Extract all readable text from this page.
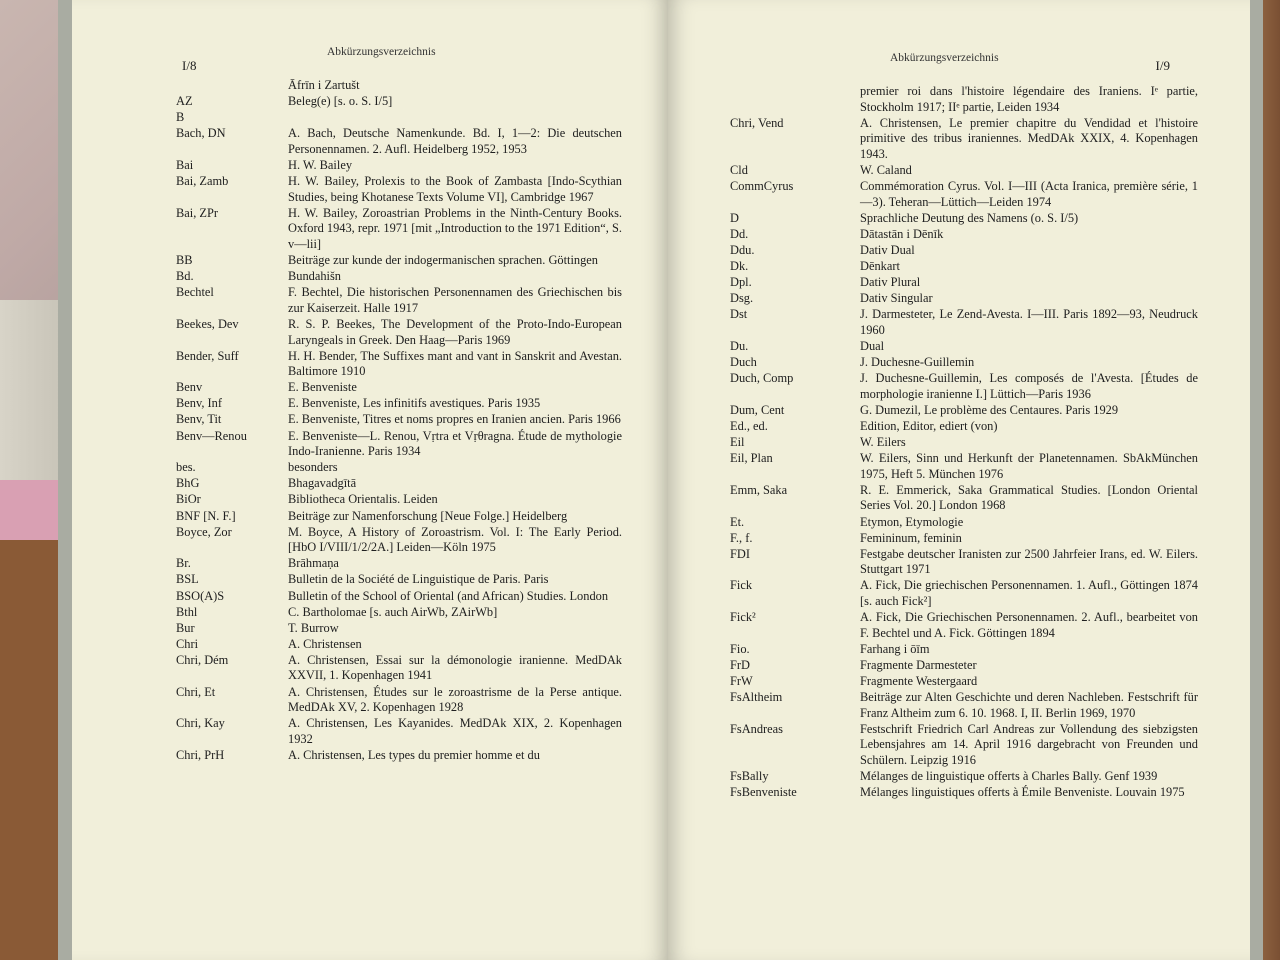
I/8
Abkürzungsverzeichnis
Āfrīn i Zartušt
AZ	Beleg(e) [s. o. S. I/5]
B
Bach, DN	A. Bach, Deutsche Namenkunde. Bd. I, 1—2: Die deutschen Personennamen. 2. Aufl. Heidelberg 1952, 1953
Bai	H. W. Bailey
Bai, Zamb	H. W. Bailey, Prolexis to the Book of Zambasta [Indo-Scythian Studies, being Khotanese Texts Volume VI], Cambridge 1967
Bai, ZPr	H. W. Bailey, Zoroastrian Problems in the Ninth-Century Books. Oxford 1943, repr. 1971 [mit „Introduction to the 1971 Edition“, S. v—lii]
BB	Beiträge zur kunde der indogermanischen sprachen. Göttingen
Bd.	Bundahišn
Bechtel	F. Bechtel, Die historischen Personennamen des Griechischen bis zur Kaiserzeit. Halle 1917
Beekes, Dev	R. S. P. Beekes, The Development of the Proto-Indo-European Laryngeals in Greek. Den Haag—Paris 1969
Bender, Suff	H. H. Bender, The Suffixes mant and vant in Sanskrit and Avestan. Baltimore 1910
Benv	E. Benveniste
Benv, Inf	E. Benveniste, Les infinitifs avestiques. Paris 1935
Benv, Tit	E. Benveniste, Titres et noms propres en Iranien ancien. Paris 1966
Benv—Renou	E. Benveniste—L. Renou, Vṛtra et Vṛθragna. Étude de mythologie Indo-Iranienne. Paris 1934
bes.	besonders
BhG	Bhagavadgītā
BiOr	Bibliotheca Orientalis. Leiden
BNF [N. F.]	Beiträge zur Namenforschung [Neue Folge.] Heidelberg
Boyce, Zor	M. Boyce, A History of Zoroastrism. Vol. I: The Early Period. [HbO I/VIII/1/2/2A.] Leiden—Köln 1975
Br.	Brāhmaṇa
BSL	Bulletin de la Société de Linguistique de Paris. Paris
BSO(A)S	Bulletin of the School of Oriental (and African) Studies. London
Bthl	C. Bartholomae [s. auch AirWb, ZAirWb]
Bur	T. Burrow
Chri	A. Christensen
Chri, Dém	A. Christensen, Essai sur la démonologie iranienne. MedDAk XXVII, 1. Kopenhagen 1941
Chri, Et	A. Christensen, Études sur le zoroastrisme de la Perse antique. MedDAk XV, 2. Kopenhagen 1928
Chri, Kay	A. Christensen, Les Kayanides. MedDAk XIX, 2. Kopenhagen 1932
Chri, PrH	A. Christensen, Les types du premier homme et du
Abkürzungsverzeichnis	I/9
premier roi dans l'histoire légendaire des Iraniens. Iᵉ partie, Stockholm 1917; IIᵉ partie, Leiden 1934
Chri, Vend	A. Christensen, Le premier chapitre du Vendidad et l'histoire primitive des tribus iraniennes. MedDAk XXIX, 4. Kopenhagen 1943.
Cld	W. Caland
CommCyrus	Commémoration Cyrus. Vol. I—III (Acta Iranica, première série, 1—3). Teheran—Lüttich—Leiden 1974
D	Sprachliche Deutung des Namens (o. S. I/5)
Dd.	Dātastān i Dēnīk
Ddu.	Dativ Dual
Dk.	Dēnkart
Dpl.	Dativ Plural
Dsg.	Dativ Singular
Dst	J. Darmesteter, Le Zend-Avesta. I—III. Paris 1892—93, Neudruck 1960
Du.	Dual
Duch	J. Duchesne-Guillemin
Duch, Comp	J. Duchesne-Guillemin, Les composés de l'Avesta. [Études de morphologie iranienne I.] Lüttich—Paris 1936
Dum, Cent	G. Dumezil, Le problème des Centaures. Paris 1929
Ed., ed.	Edition, Editor, ediert (von)
Eil	W. Eilers
Eil, Plan	W. Eilers, Sinn und Herkunft der Planetennamen. SbAkMünchen 1975, Heft 5. München 1976
Emm, Saka	R. E. Emmerick, Saka Grammatical Studies. [London Oriental Series Vol. 20.] London 1968
Et.	Etymon, Etymologie
F., f.	Femininum, feminin
FDI	Festgabe deutscher Iranisten zur 2500 Jahrfeier Irans, ed. W. Eilers. Stuttgart 1971
Fick	A. Fick, Die griechischen Personennamen. 1. Aufl., Göttingen 1874 [s. auch Fick²]
Fick²	A. Fick, Die Griechischen Personennamen. 2. Aufl., bearbeitet von F. Bechtel und A. Fick. Göttingen 1894
Fio.	Farhang i ōīm
FrD	Fragmente Darmesteter
FrW	Fragmente Westergaard
FsAltheim	Beiträge zur Alten Geschichte und deren Nachleben. Festschrift für Franz Altheim zum 6. 10. 1968. I, II. Berlin 1969, 1970
FsAndreas	Festschrift Friedrich Carl Andreas zur Vollendung des siebzigsten Lebensjahres am 14. April 1916 dargebracht von Freunden und Schülern. Leipzig 1916
FsBally	Mélanges de linguistique offerts à Charles Bally. Genf 1939
FsBenveniste	Mélanges linguistiques offerts à Émile Benveniste. Louvain 1975
